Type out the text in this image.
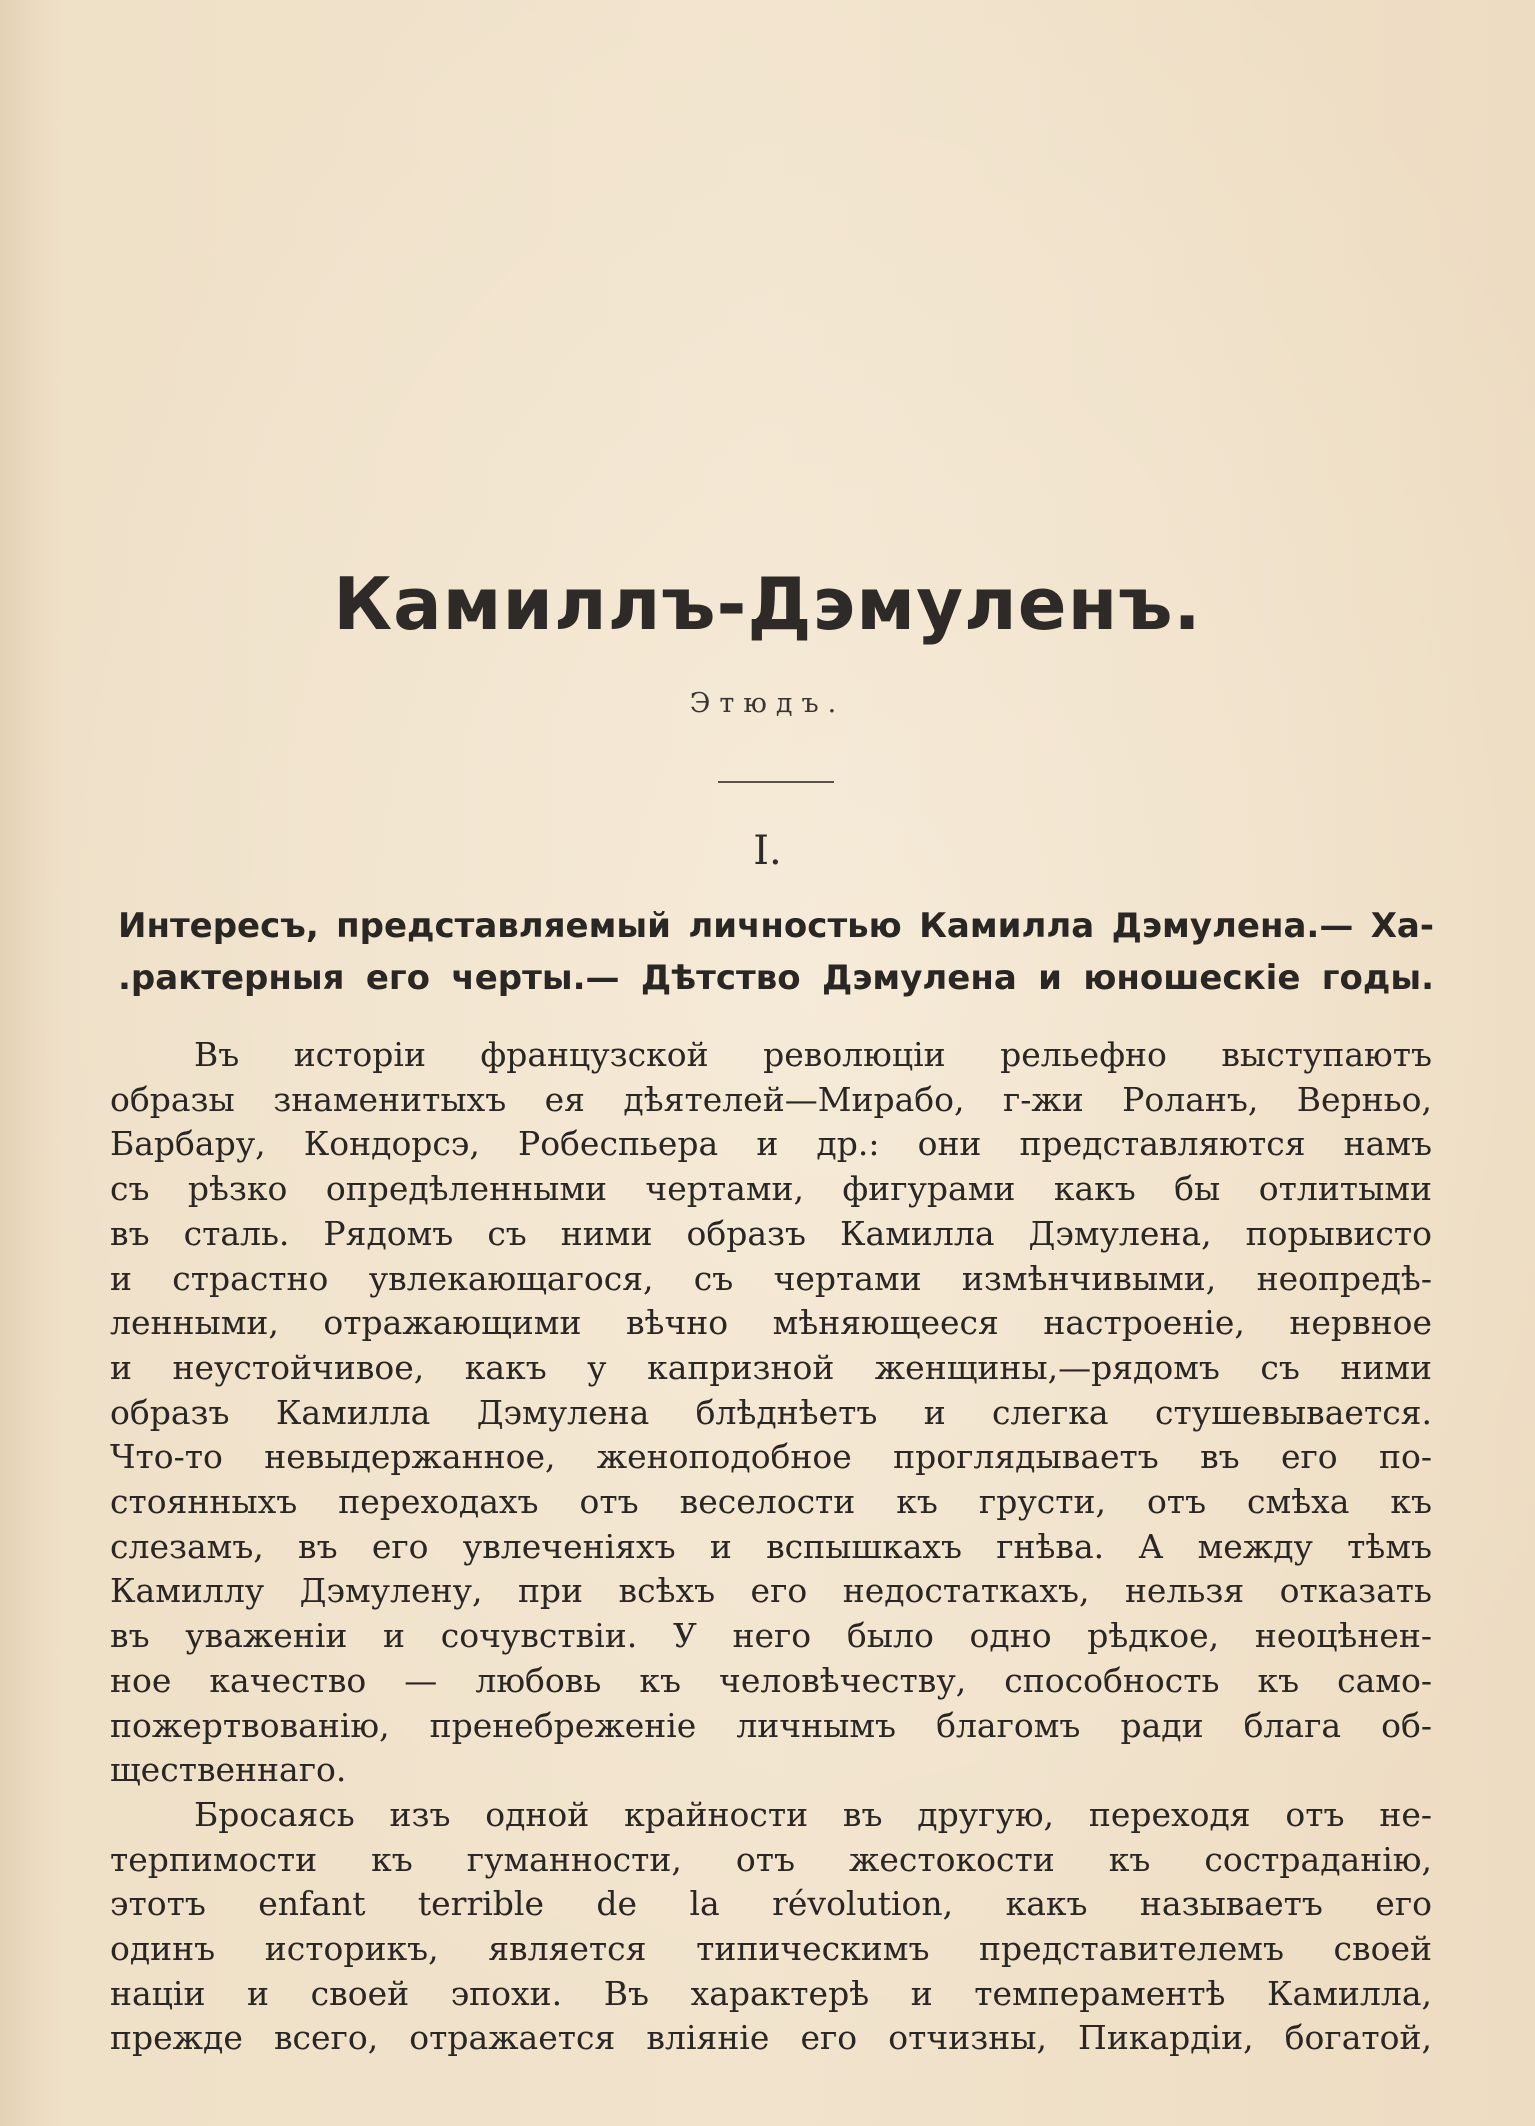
Камиллъ-Дэмуленъ.
Этюдъ.
I.
Интересъ, представляемый личностью Камилла Дэмулена.— Ха-
.рактерныя его черты.— Дѣтство Дэмулена и юношескіе годы.
Въ исторіи французской революціи рельефно выступаютъ
образы знаменитыхъ ея дѣятелей—Мирабо, г-жи Роланъ, Верньо,
Барбару, Кондорсэ, Робеспьера и др.: они представляются намъ
съ рѣзко опредѣленными чертами, фигурами какъ бы отлитыми
въ сталь. Рядомъ съ ними образъ Камилла Дэмулена, порывисто
и страстно увлекающагося, съ чертами измѣнчивыми, неопредѣ-
ленными, отражающими вѣчно мѣняющееся настроеніе, нервное
и неустойчивое, какъ у капризной женщины,—рядомъ съ ними
образъ Камилла Дэмулена блѣднѣетъ и слегка стушевывается.
Что-то невыдержанное, женоподобное проглядываетъ въ его по-
стоянныхъ переходахъ отъ веселости къ грусти, отъ смѣха къ
слезамъ, въ его увлеченіяхъ и вспышкахъ гнѣва. А между тѣмъ
Камиллу Дэмулену, при всѣхъ его недостаткахъ, нельзя отказать
въ уваженіи и сочувствіи. У него было одно рѣдкое, неоцѣнен-
ное качество — любовь къ человѣчеству, способность къ само-
пожертвованію, пренебреженіе личнымъ благомъ ради блага об-
щественнаго.
Бросаясь изъ одной крайности въ другую, переходя отъ не-
терпимости къ гуманности, отъ жестокости къ состраданію,
этотъ enfant terrible de la révolution, какъ называетъ его
одинъ историкъ, является типическимъ представителемъ своей
націи и своей эпохи. Въ характерѣ и темпераментѣ Камилла,
прежде всего, отражается вліяніе его отчизны, Пикардіи, богатой,
